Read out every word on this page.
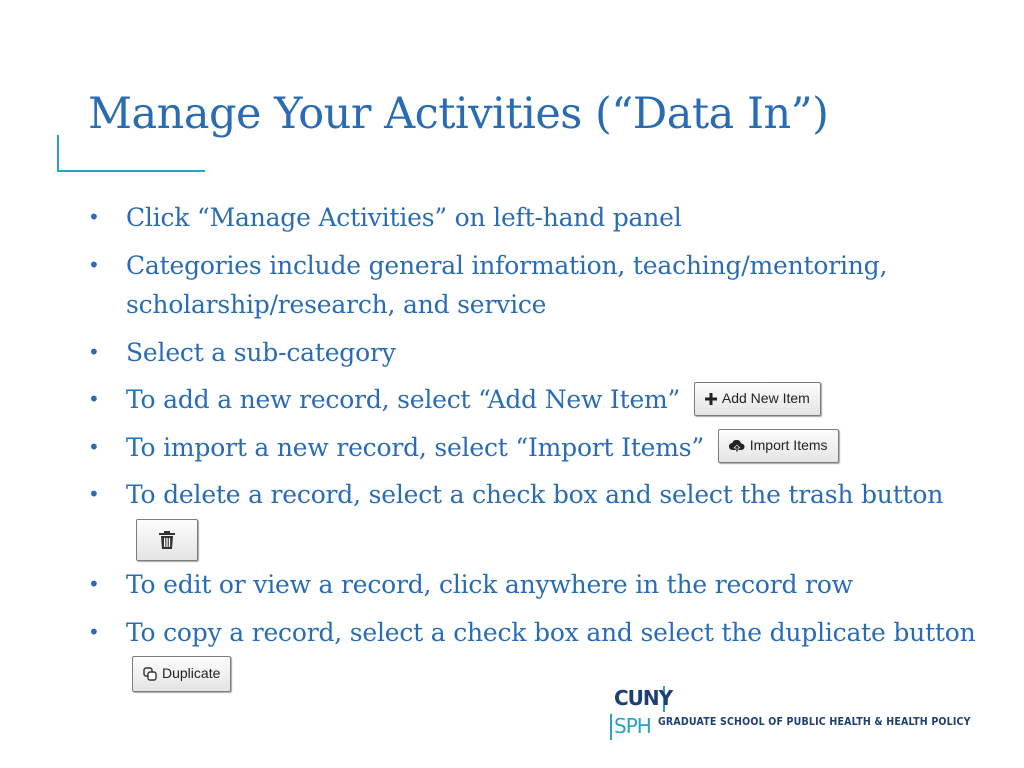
Manage Your Activities (“Data In”)
• Click “Manage Activities” on left-hand panel
• Categories include general information, teaching/mentoring, scholarship/research, and service
• Select a sub-category
• To add a new record, select “Add New Item”	Add New Item
• To import a new record, select “Import Items”	Import Items
• To delete a record, select a check box and select the trash button
• To edit or view a record, click anywhere in the record row
• To copy a record, select a check box and select the duplicate button
Duplicate
CUNY
SPH GRADUATE SCHOOL OF PUBLIC HEALTH & HEALTH POLICY
